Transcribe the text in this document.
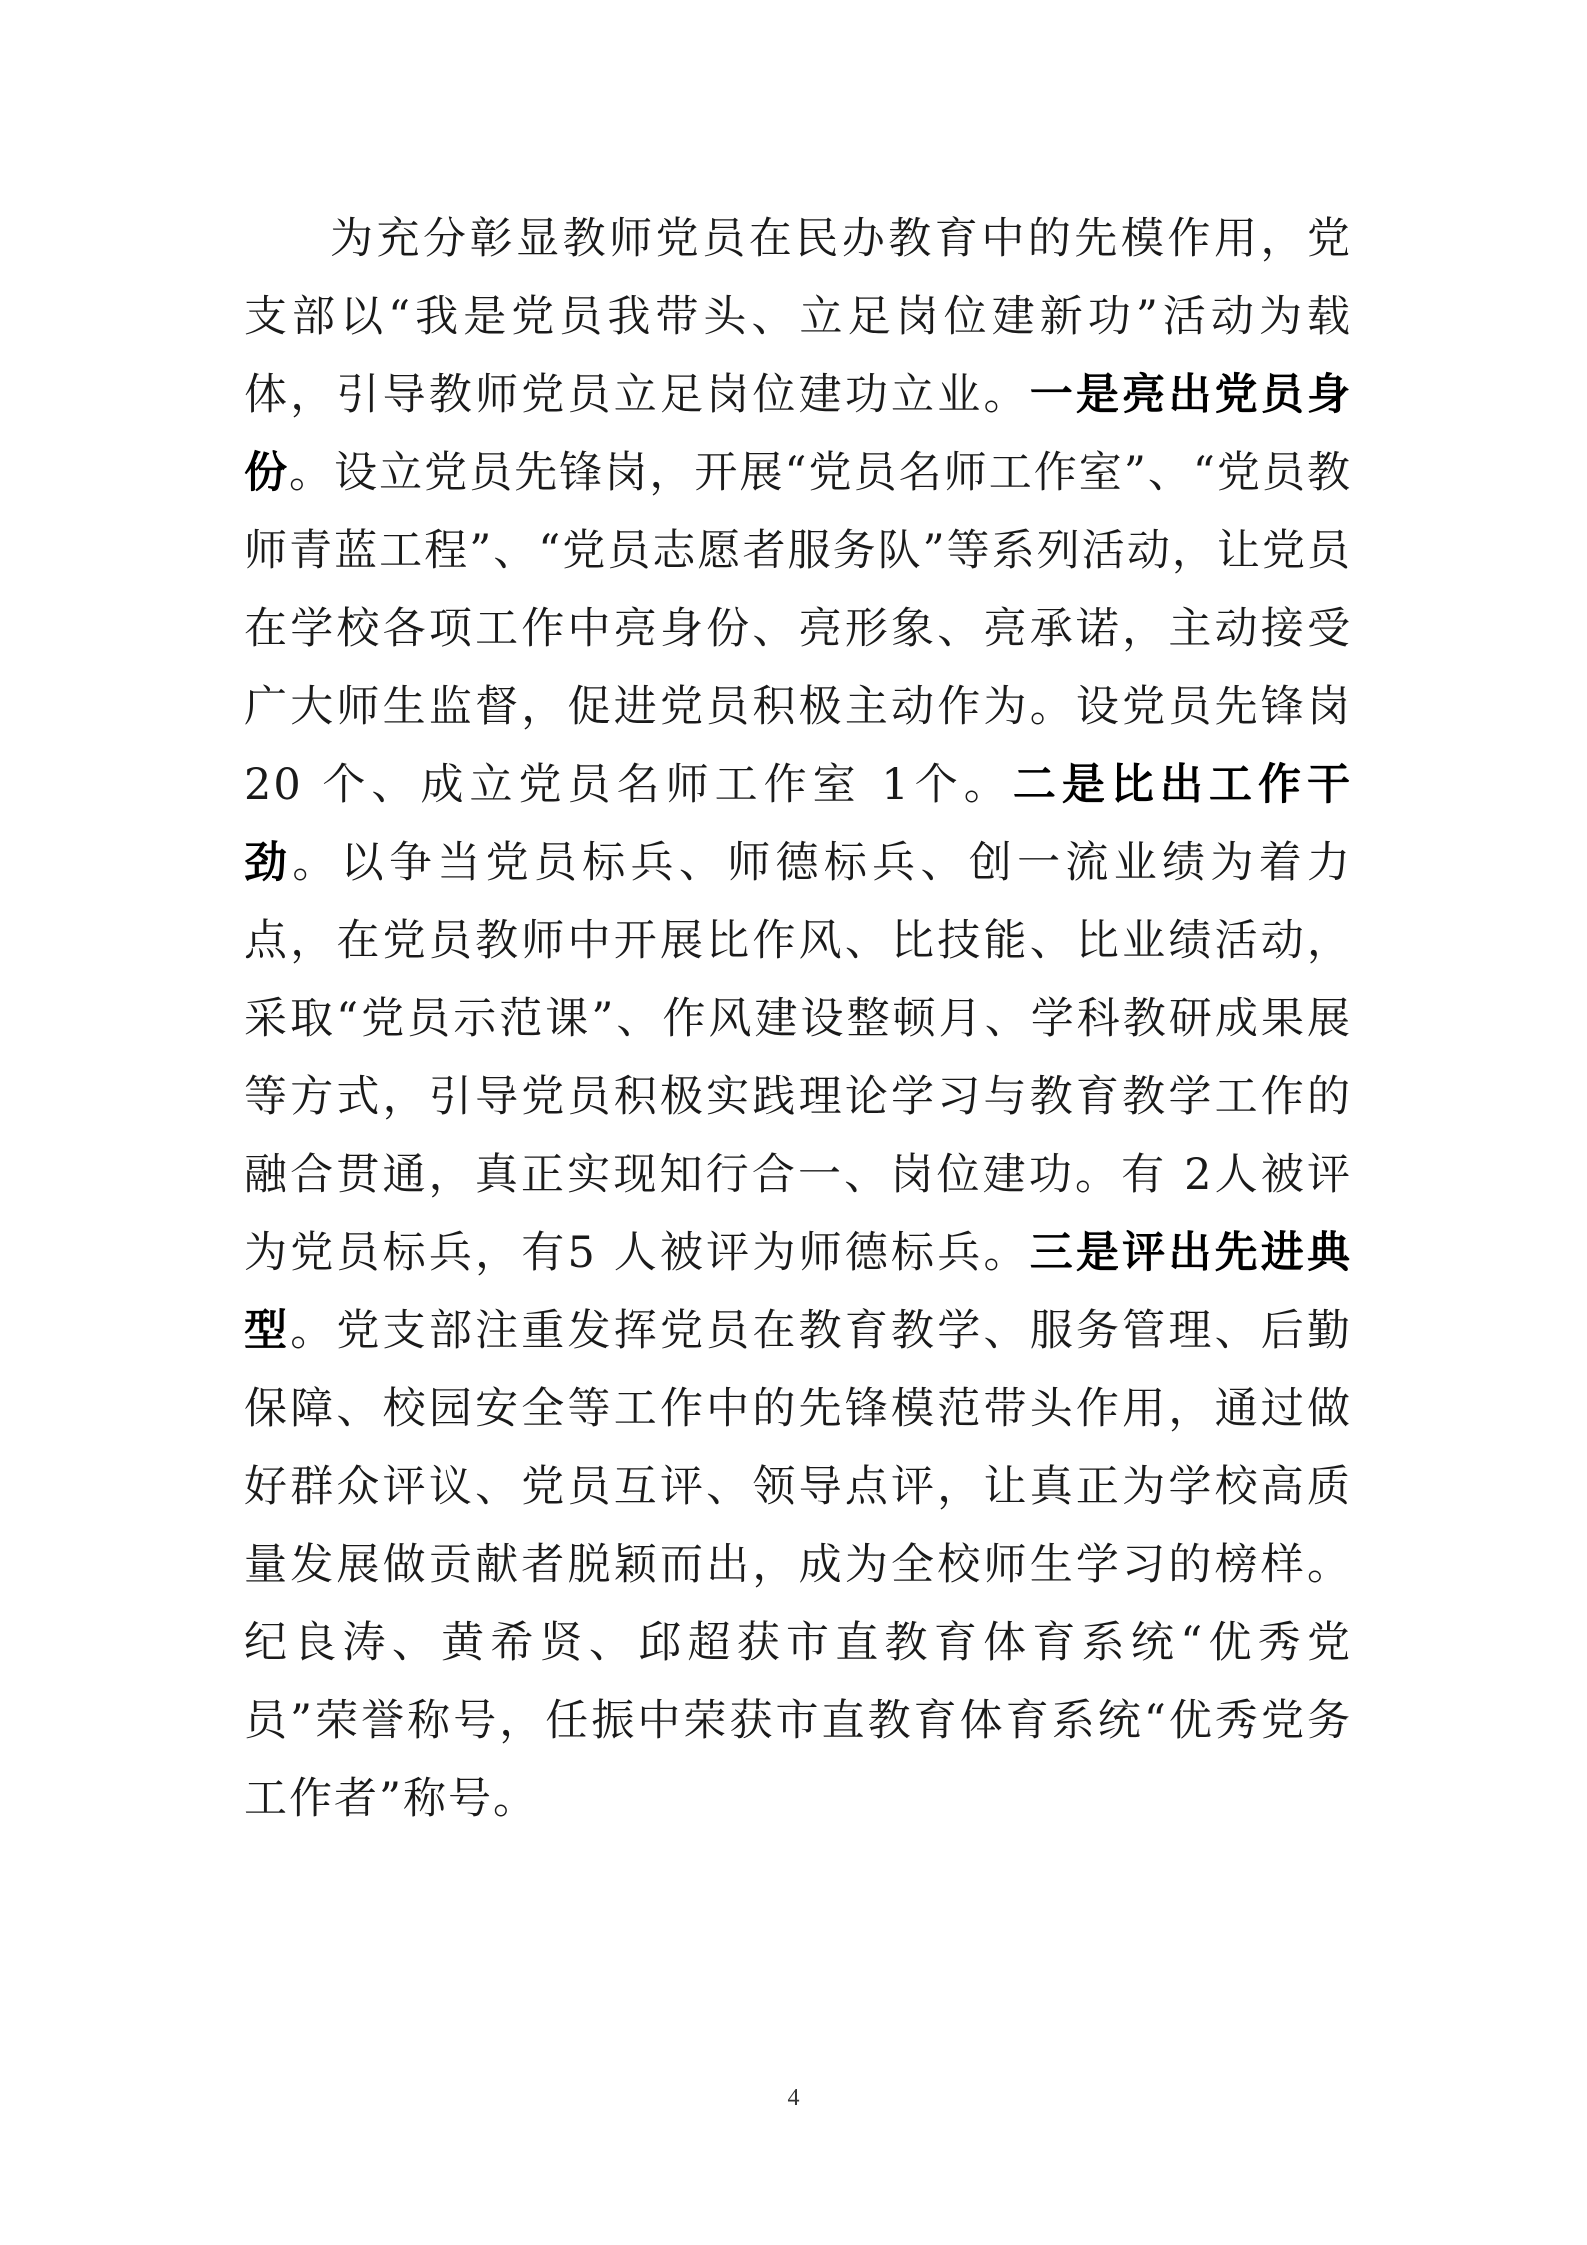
为充分彰显教师党员在民办教育中的先模作用，党支部以“我是党员我带头、立足岗位建新功”活动为载体，引导教师党员立足岗位建功立业。一是亮出党员身份。设立党员先锋岗，开展“党员名师工作室”、“党员教师青蓝工程”、“党员志愿者服务队”等系列活动，让党员在学校各项工作中亮身份、亮形象、亮承诺，主动接受广大师生监督，促进党员积极主动作为。设党员先锋岗20 个、成立党员名师工作室 1个。二是比出工作干劲。以争当党员标兵、师德标兵、创一流业绩为着力点，在党员教师中开展比作风、比技能、比业绩活动，采取“党员示范课”、作风建设整顿月、学科教研成果展等方式，引导党员积极实践理论学习与教育教学工作的融合贯通，真正实现知行合一、岗位建功。有 2人被评为党员标兵，有5 人被评为师德标兵。三是评出先进典型。党支部注重发挥党员在教育教学、服务管理、后勤保障、校园安全等工作中的先锋模范带头作用，通过做好群众评议、党员互评、领导点评，让真正为学校高质量发展做贡献者脱颖而出，成为全校师生学习的榜样。纪良涛、黄希贤、邱超获市直教育体育系统“优秀党员”荣誉称号，任振中荣获市直教育体育系统“优秀党务工作者”称号。

4
